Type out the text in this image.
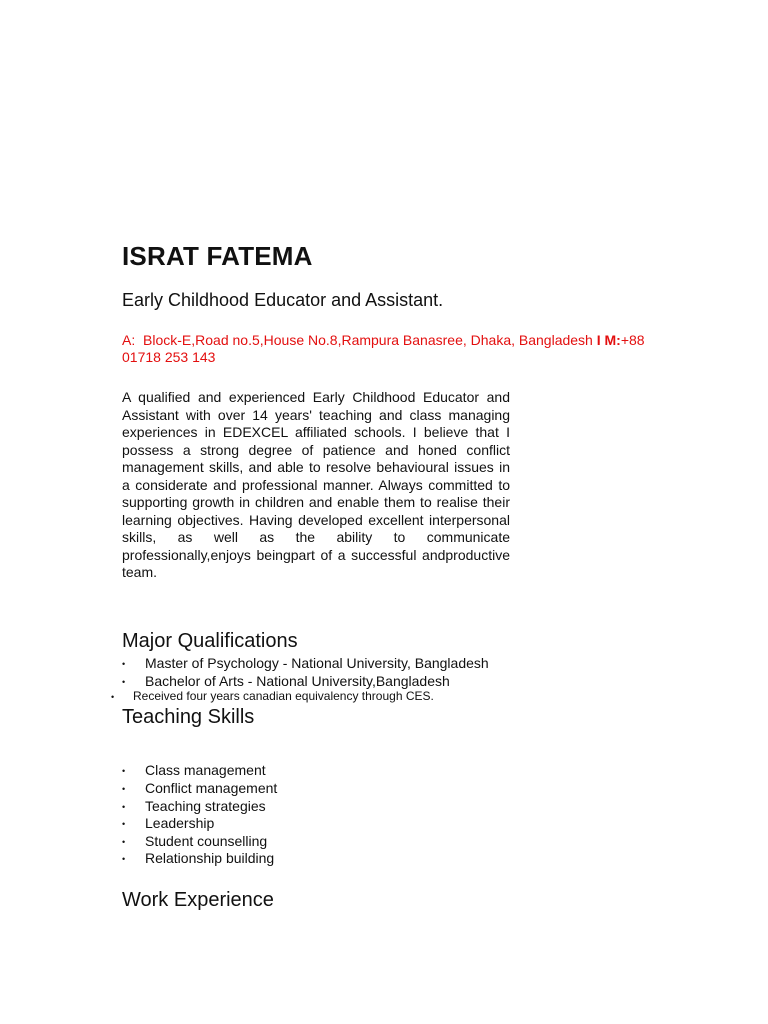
ISRAT FATEMA
Early Childhood Educator and Assistant.
A: Block-E,Road no.5,House No.8,Rampura Banasree, Dhaka, Bangladesh I M:+88
01718 253 143
A qualified and experienced Early Childhood Educator and Assistant with over 14 years' teaching and class managing experiences in EDEXCEL affiliated schools. I believe that I possess a strong degree of patience and honed conflict management skills, and able to resolve behavioural issues in a considerate and professional manner. Always committed to supporting growth in children and enable them to realise their learning objectives. Having developed excellent interpersonal skills, as well as the ability to communicate professionally,enjoys beingpart of a successful andproductive team.
Major Qualifications
• Master of Psychology - National University, Bangladesh
• Bachelor of Arts - National University,Bangladesh
• Received four years canadian equivalency through CES.
Teaching Skills
• Class management
• Conflict management
• Teaching strategies
• Leadership
• Student counselling
• Relationship building
Work Experience
